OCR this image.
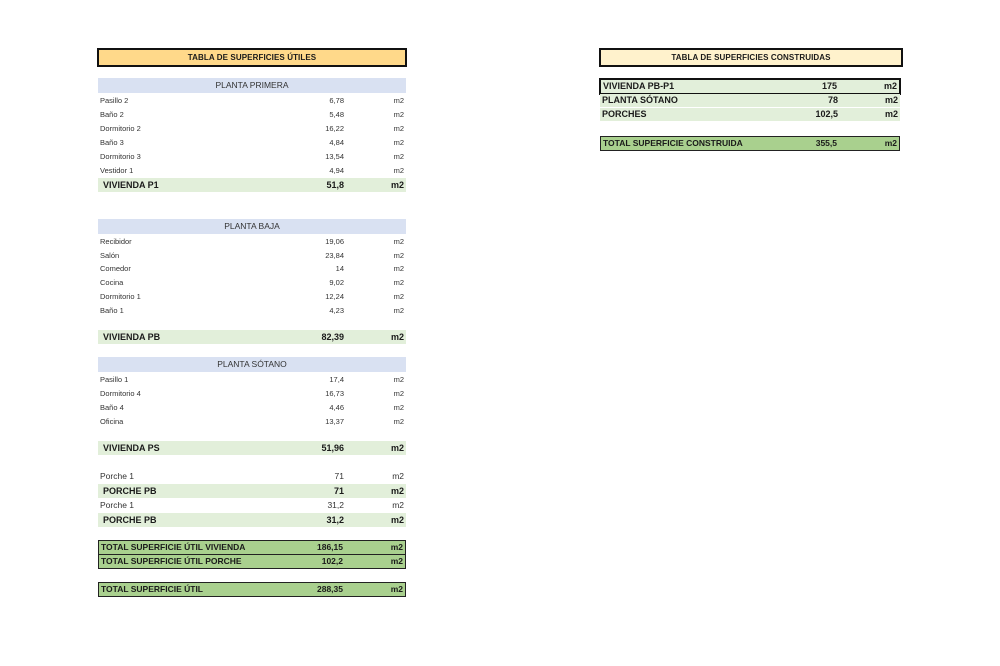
TABLA DE SUPERFICIES ÚTILES
PLANTA PRIMERA
Pasillo 2	6,78	m2
Baño 2	5,48	m2
Dormitorio 2	16,22	m2
Baño 3	4,84	m2
Dormitorio 3	13,54	m2
Vestidor 1	4,94	m2
VIVIENDA P1	51,8	m2
PLANTA BAJA
Recibidor	19,06	m2
Salón	23,84	m2
Comedor	14	m2
Cocina	9,02	m2
Dormitorio 1	12,24	m2
Baño 1	4,23	m2
VIVIENDA PB	82,39	m2
PLANTA SÓTANO
Pasillo 1	17,4	m2
Dormitorio 4	16,73	m2
Baño 4	4,46	m2
Oficina	13,37	m2
VIVIENDA PS	51,96	m2
Porche 1	71	m2
PORCHE PB	71	m2
Porche 1	31,2	m2
PORCHE PB	31,2	m2
TOTAL SUPERFICIE ÚTIL VIVIENDA	186,15	m2
TOTAL SUPERFICIE ÚTIL PORCHE	102,2	m2
TOTAL SUPERFICIE ÚTIL	288,35	m2
TABLA DE SUPERFICIES CONSTRUIDAS
VIVIENDA PB-P1	175	m2
PLANTA SÓTANO	78	m2
PORCHES	102,5	m2
TOTAL SUPERFICIE CONSTRUIDA	355,5	m2
